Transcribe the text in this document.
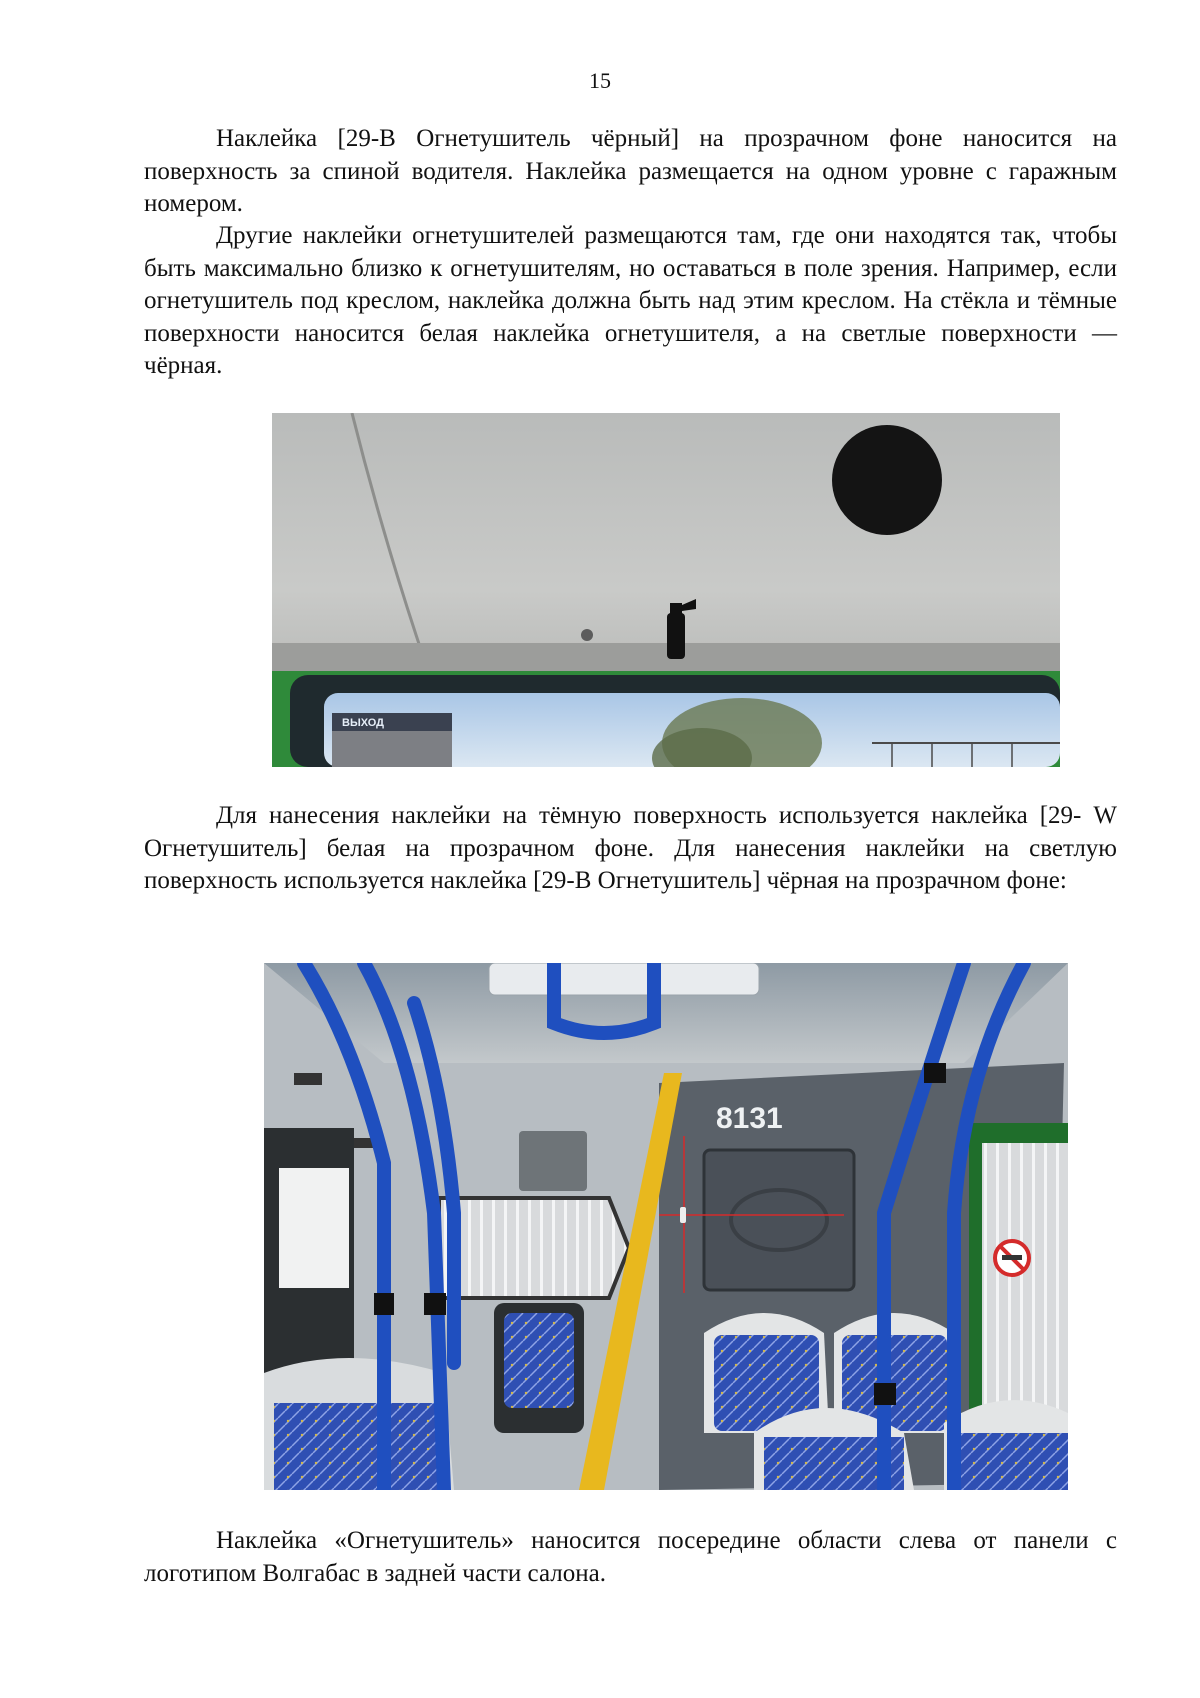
15

Наклейка [29-B Огнетушитель чёрный] на прозрачном фоне наносится на поверхность за спиной водителя. Наклейка размещается на одном уровне с гаражным номером.

Другие наклейки огнетушителей размещаются там, где они находятся так, чтобы быть максимально близко к огнетушителям, но оставаться в поле зрения. Например, если огнетушитель под креслом, наклейка должна быть над этим креслом. На стёкла и тёмные поверхности наносится белая наклейка огнетушителя, а на светлые поверхности — чёрная.

ВЫХОД

Для нанесения наклейки на тёмную поверхность используется наклейка [29- W Огнетушитель] белая на прозрачном фоне. Для нанесения наклейки на светлую поверхность используется наклейка [29-B Огнетушитель] чёрная на прозрачном фоне:

8131

Наклейка «Огнетушитель» наносится посередине области слева от панели с логотипом Волгабас в задней части салона.
